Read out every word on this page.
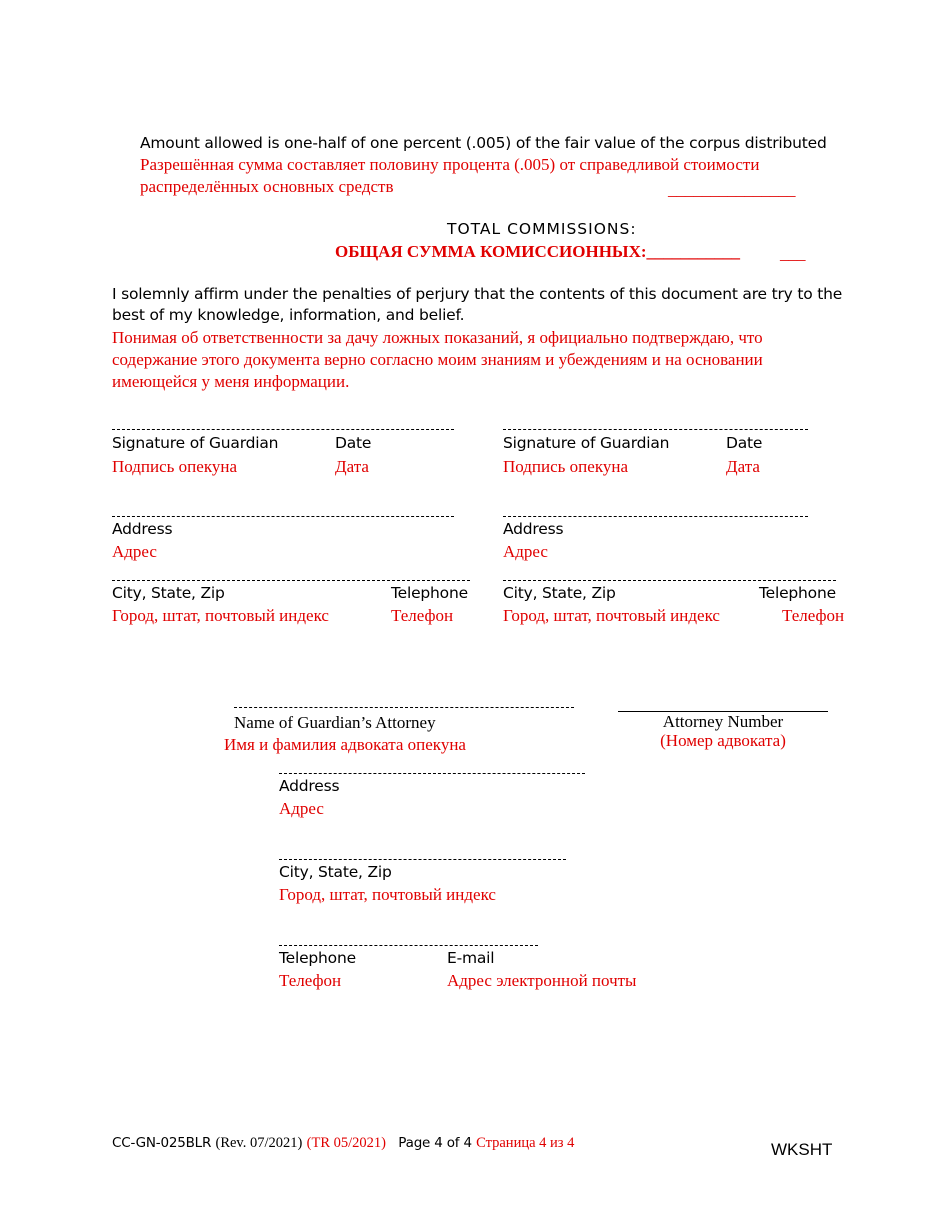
Amount allowed is one-half of one percent (.005) of the fair value of the corpus distributed
Разрешённая сумма составляет половину процента (.005) от справедливой стоимости
распределённых основных средств	_______________
TOTAL COMMISSIONS:
ОБЩАЯ СУММА КОМИССИОННЫХ:___________ ___
I solemnly affirm under the penalties of perjury that the contents of this document are try to the
best of my knowledge, information, and belief.
Понимая об ответственности за дачу ложных показаний, я официально подтверждаю, что
содержание этого документа верно согласно моим знаниям и убеждениям и на основании
имеющейся у меня информации.
Signature of Guardian	Date
Подпись опекуна	Дата
Address
Адрес
City, State, Zip	Telephone
Город, штат, почтовый индекс	Телефон
Signature of Guardian	Date
Подпись опекуна	Дата
Address
Адрес
City, State, Zip	Telephone
Город, штат, почтовый индекс	Телефон
Name of Guardian’s Attorney
Имя и фамилия адвоката опекуна
Attorney Number
(Номер адвоката)
Address
Адрес
City, State, Zip
Город, штат, почтовый индекс
Telephone	E-mail
Телефон	Адрес электронной почты
CC-GN-025BLR (Rev. 07/2021) (TR 05/2021) Page 4 of 4 Страница 4 из 4	WKSHT
